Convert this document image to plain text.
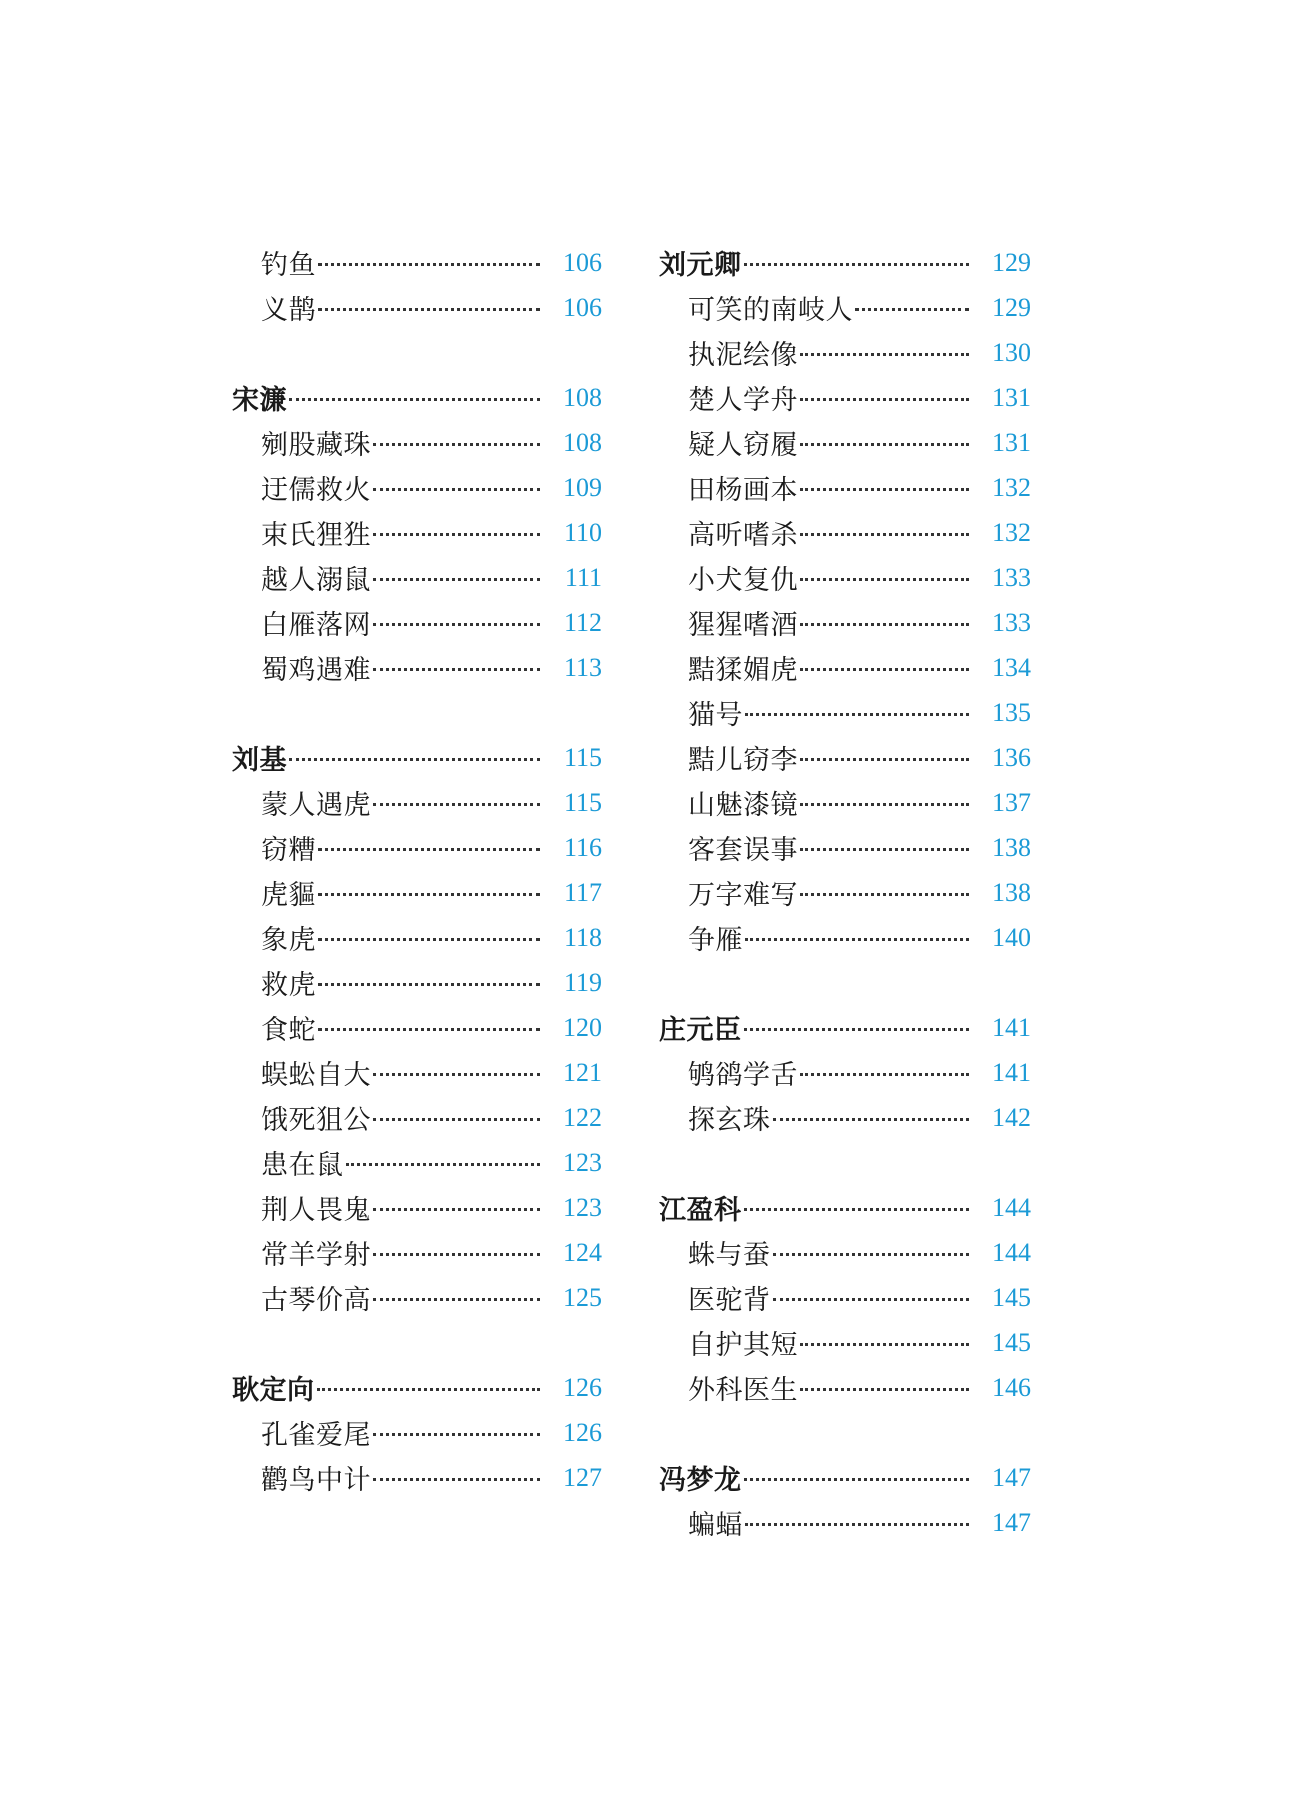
钓鱼	106
义鹊	106
宋濂	108
剜股藏珠	108
迂儒救火	109
束氏狸狌	110
越人溺鼠	111
白雁落网	112
蜀鸡遇难	113
刘基	115
蒙人遇虎	115
窃糟	116
虎貙	117
象虎	118
救虎	119
食蛇	120
蜈蚣自大	121
饿死狙公	122
患在鼠	123
荆人畏鬼	123
常羊学射	124
古琴价高	125
耿定向	126
孔雀爱尾	126
鹳鸟中计	127
刘元卿	129
可笑的南岐人	129
执泥绘像	130
楚人学舟	131
疑人窃履	131
田杨画本	132
高听嗜杀	132
小犬复仇	133
猩猩嗜酒	133
黠猱媚虎	134
猫号	135
黠儿窃李	136
山魅漆镜	137
客套误事	138
万字难写	138
争雁	140
庄元臣	141
鸲鹆学舌	141
探玄珠	142
江盈科	144
蛛与蚕	144
医驼背	145
自护其短	145
外科医生	146
冯梦龙	147
蝙蝠	147
